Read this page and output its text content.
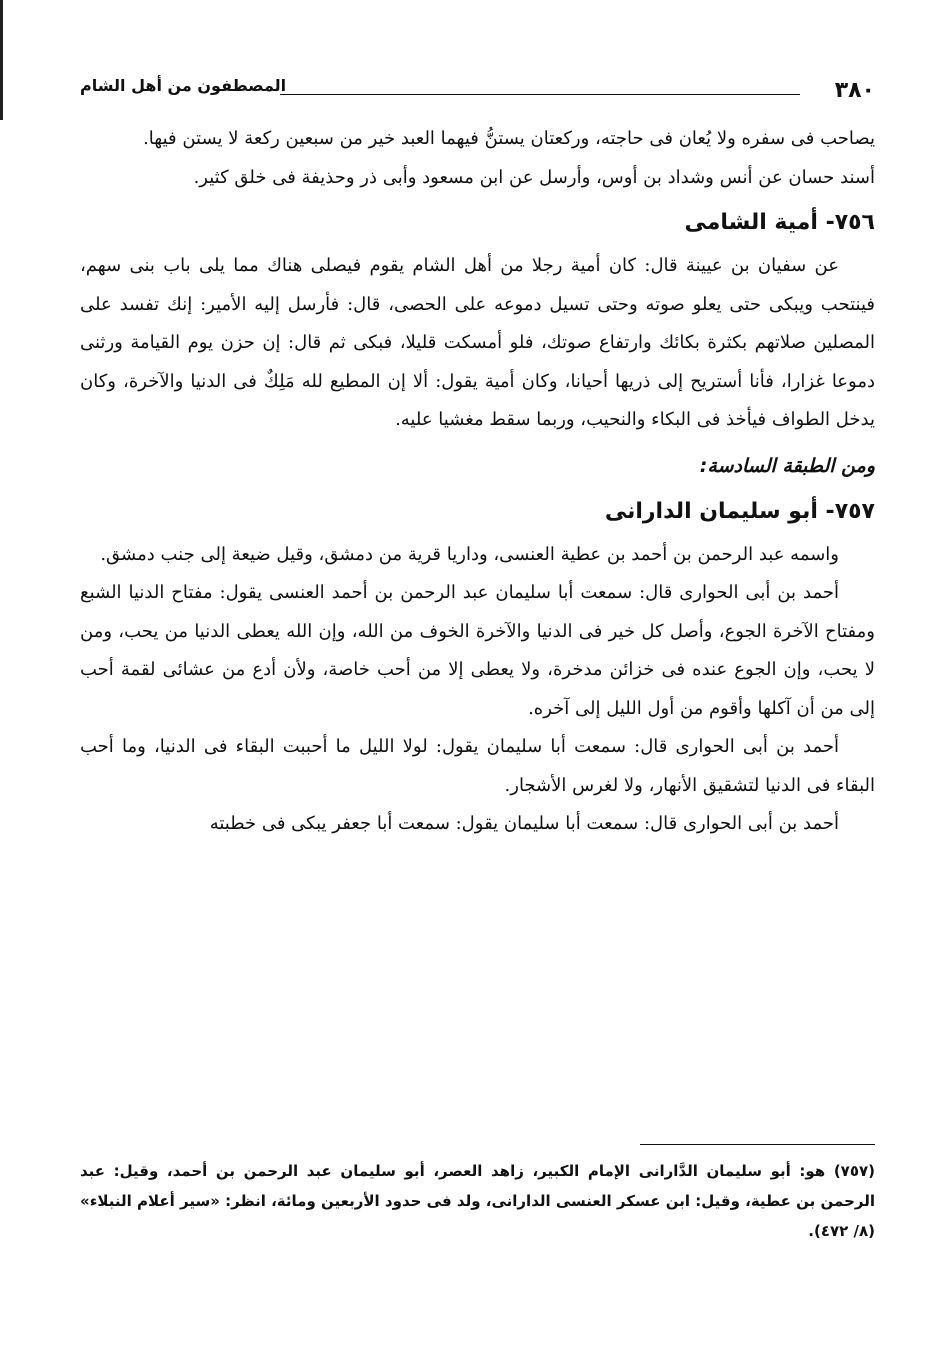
٣٨٠
المصطفون من أهل الشام

يصاحب فى سفره ولا يُعان فى حاجته، وركعتان يستنُّ فيهما العبد خير من سبعين ركعة لا يستن فيها.

أسند حسان عن أنس وشداد بن أوس، وأرسل عن ابن مسعود وأبى ذر وحذيفة فى خلق كثير.

٧٥٦- أمية الشامى

عن سفيان بن عيينة قال: كان أمية رجلا من أهل الشام يقوم فيصلى هناك مما يلى باب بنى سهم، فينتحب ويبكى حتى يعلو صوته وحتى تسيل دموعه على الحصى، قال: فأرسل إليه الأمير: إنك تفسد على المصلين صلاتهم بكثرة بكائك وارتفاع صوتك، فلو أمسكت قليلا، فبكى ثم قال: إن حزن يوم القيامة ورثنى دموعا غزارا، فأنا أستريح إلى ذريها أحيانا، وكان أمية يقول: ألا إن المطيع لله مَلِكٌ فى الدنيا والآخرة، وكان يدخل الطواف فيأخذ فى البكاء والنحيب، وربما سقط مغشيا عليه.

ومن الطبقة السادسة:
٧٥٧- أبو سليمان الدارانى

واسمه عبد الرحمن بن أحمد بن عطية العنسى، وداريا قرية من دمشق، وقيل ضيعة إلى جنب دمشق.

أحمد بن أبى الحوارى قال: سمعت أبا سليمان عبد الرحمن بن أحمد العنسى يقول: مفتاح الدنيا الشبع ومفتاح الآخرة الجوع، وأصل كل خير فى الدنيا والآخرة الخوف من الله، وإن الله يعطى الدنيا من يحب، ومن لا يحب، وإن الجوع عنده فى خزائن مدخرة، ولا يعطى إلا من أحب خاصة، ولأن أدع من عشائى لقمة أحب إلى من أن آكلها وأقوم من أول الليل إلى آخره.

أحمد بن أبى الحوارى قال: سمعت أبا سليمان يقول: لولا الليل ما أحببت البقاء فى الدنيا، وما أحب البقاء فى الدنيا لتشقيق الأنهار، ولا لغرس الأشجار.

أحمد بن أبى الحوارى قال: سمعت أبا سليمان يقول: سمعت أبا جعفر يبكى فى خطبته

(٧٥٧) هو: أبو سليمان الدَّارانى الإمام الكبير، زاهد العصر، أبو سليمان عبد الرحمن بن أحمد، وقيل: عبد الرحمن بن عطية، وقيل: ابن عسكر العنسى الدارانى، ولد فى حدود الأربعين ومائة، انظر: «سير أعلام النبلاء» (٨/ ٤٧٢).
